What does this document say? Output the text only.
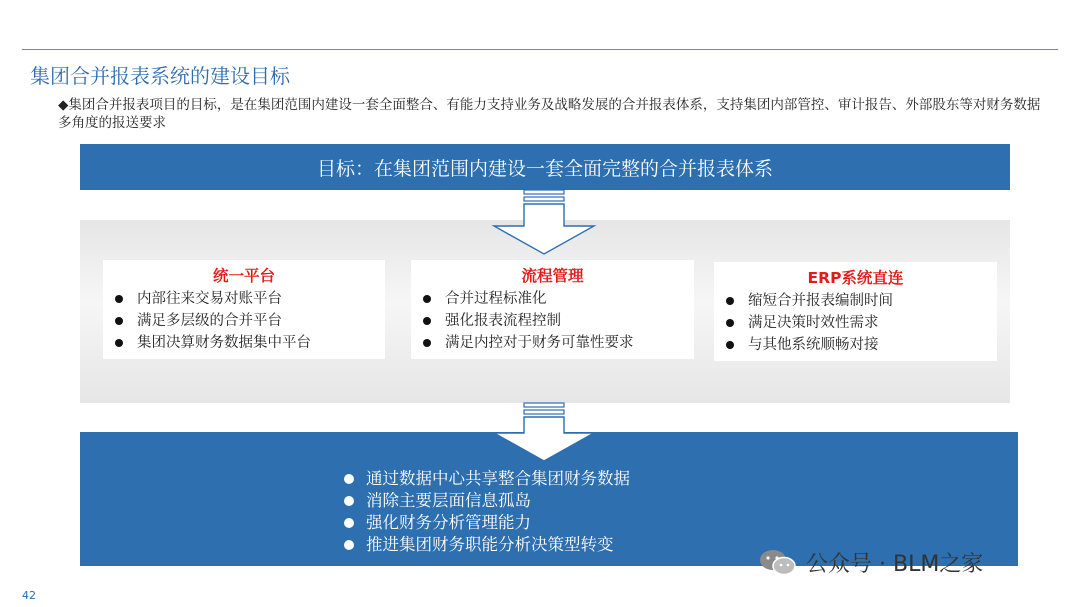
集团合并报表系统的建设目标
◆集团合并报表项目的目标，是在集团范围内建设一套全面整合、有能力支持业务及战略发展的合并报表体系，支持集团内部管控、审计报告、外部股东等对财务数据多角度的报送要求
目标：在集团范围内建设一套全面完整的合并报表体系
统一平台
内部往来交易对账平台
满足多层级的合并平台
集团决算财务数据集中平台
流程管理
合并过程标准化
强化报表流程控制
满足内控对于财务可靠性要求
ERP系统直连
缩短合并报表编制时间
满足决策时效性需求
与其他系统顺畅对接
通过数据中心共享整合集团财务数据
消除主要层面信息孤岛
强化财务分析管理能力
推进集团财务职能分析决策型转变
公众号 · BLM之家
42
